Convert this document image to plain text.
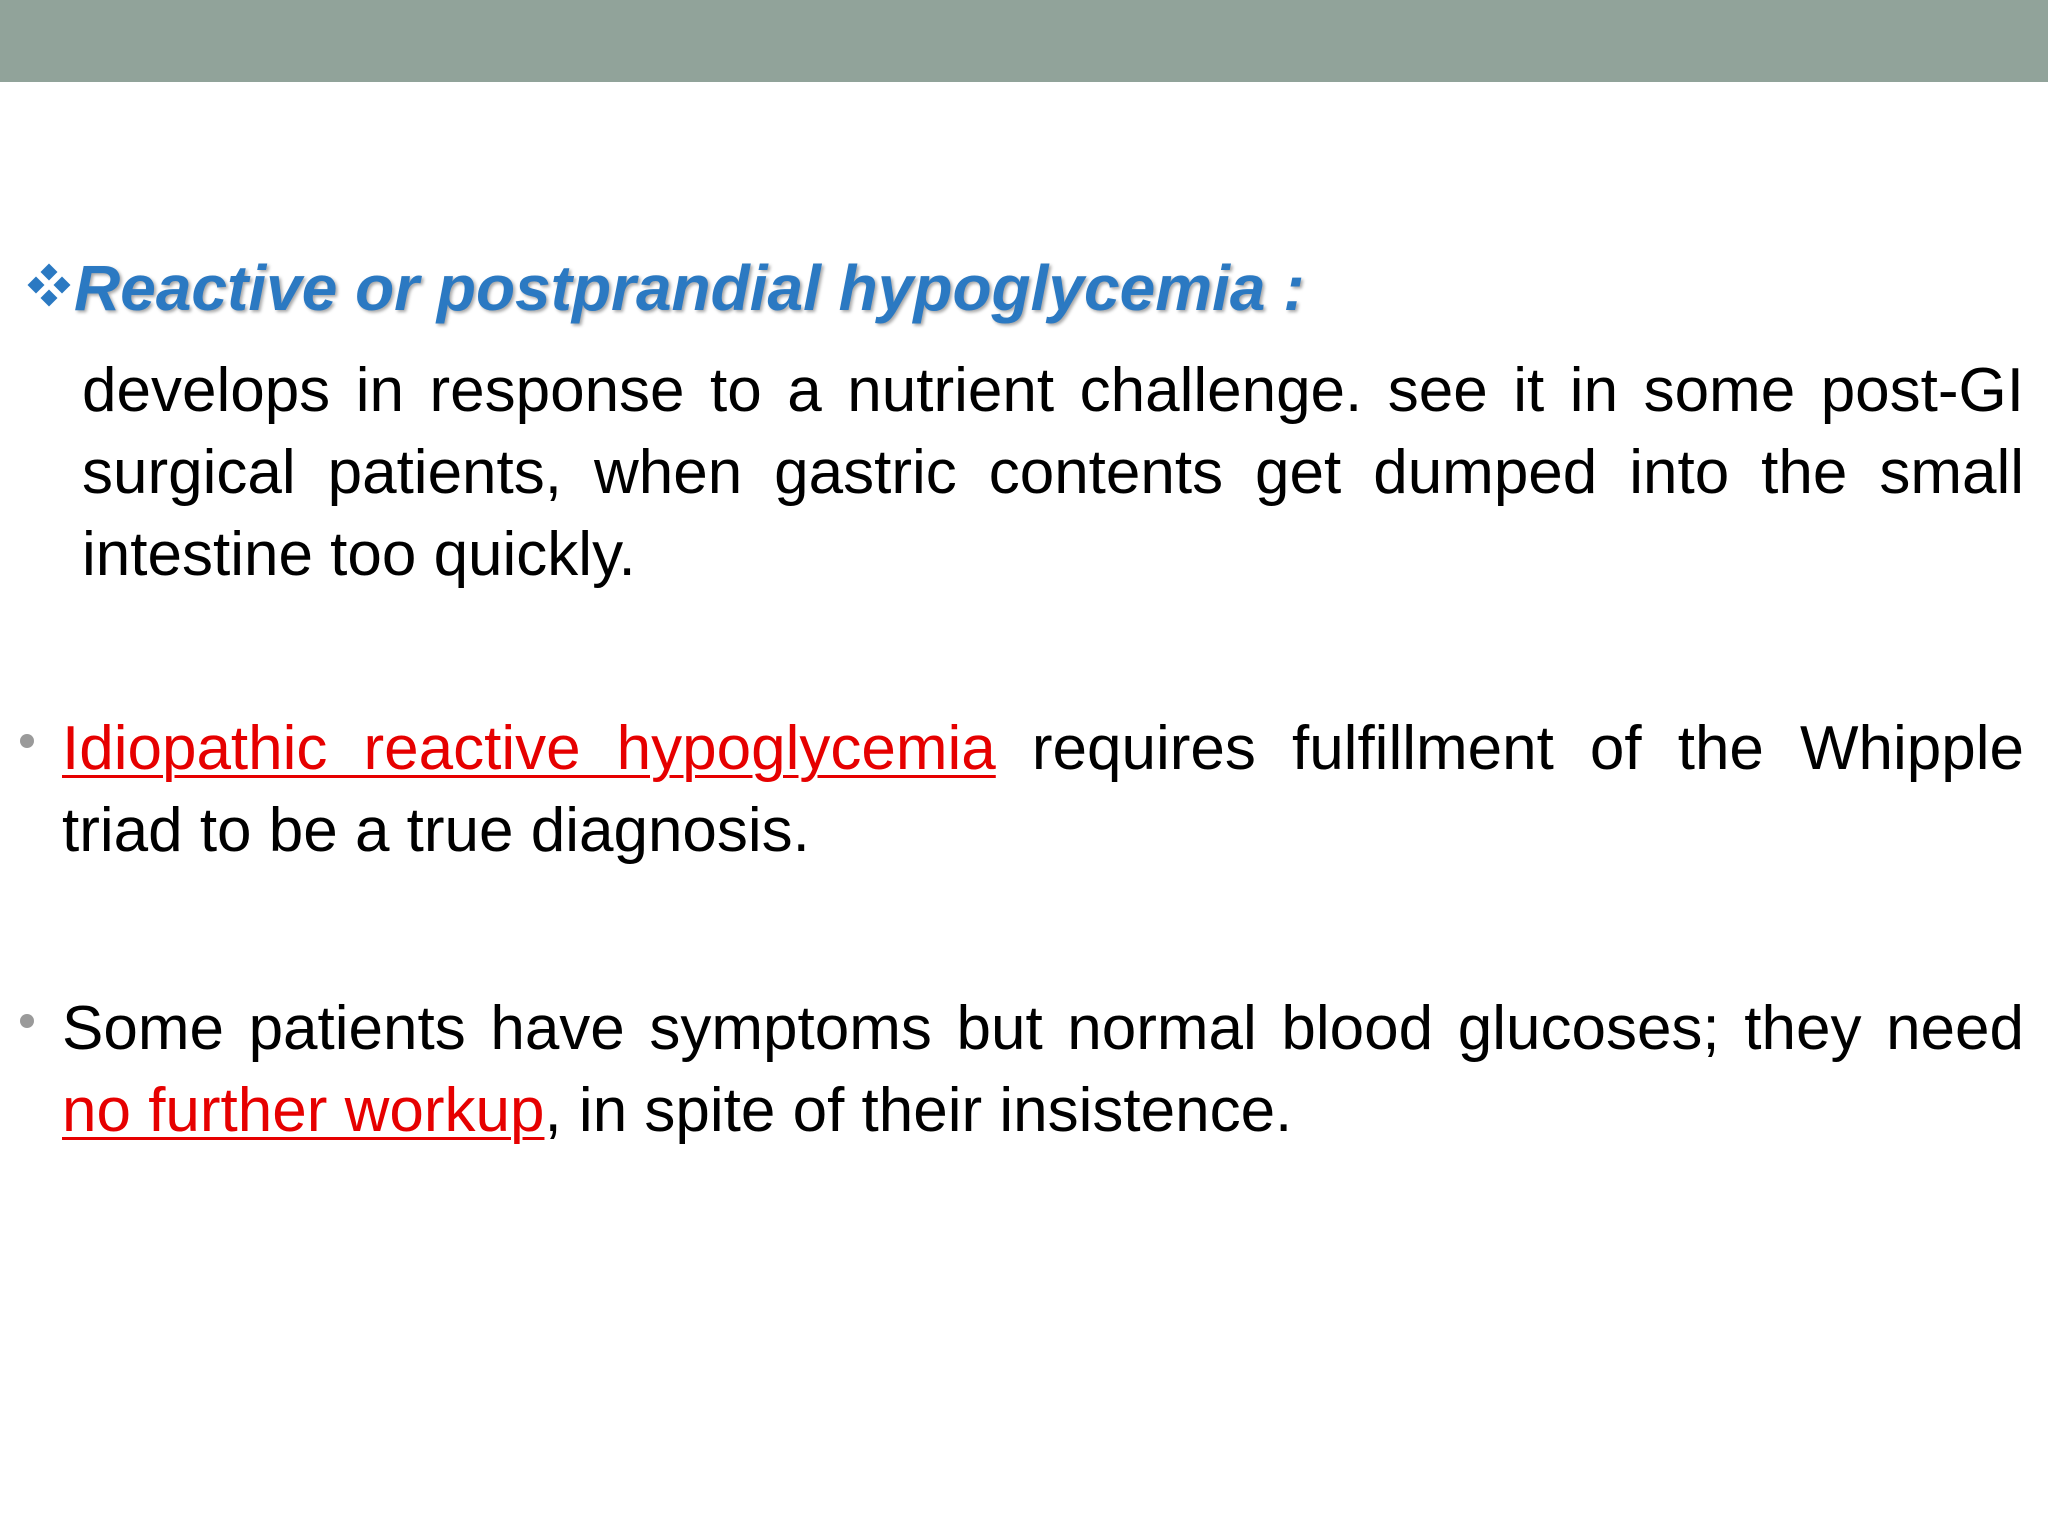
Reactive or postprandial hypoglycemia :
develops in response to a nutrient challenge. see it in some post-GI surgical patients, when gastric contents get dumped into the small intestine too quickly.
Idiopathic reactive hypoglycemia requires fulfillment of the Whipple triad to be a true diagnosis.
Some patients have symptoms but normal blood glucoses; they need no further workup, in spite of their insistence.
